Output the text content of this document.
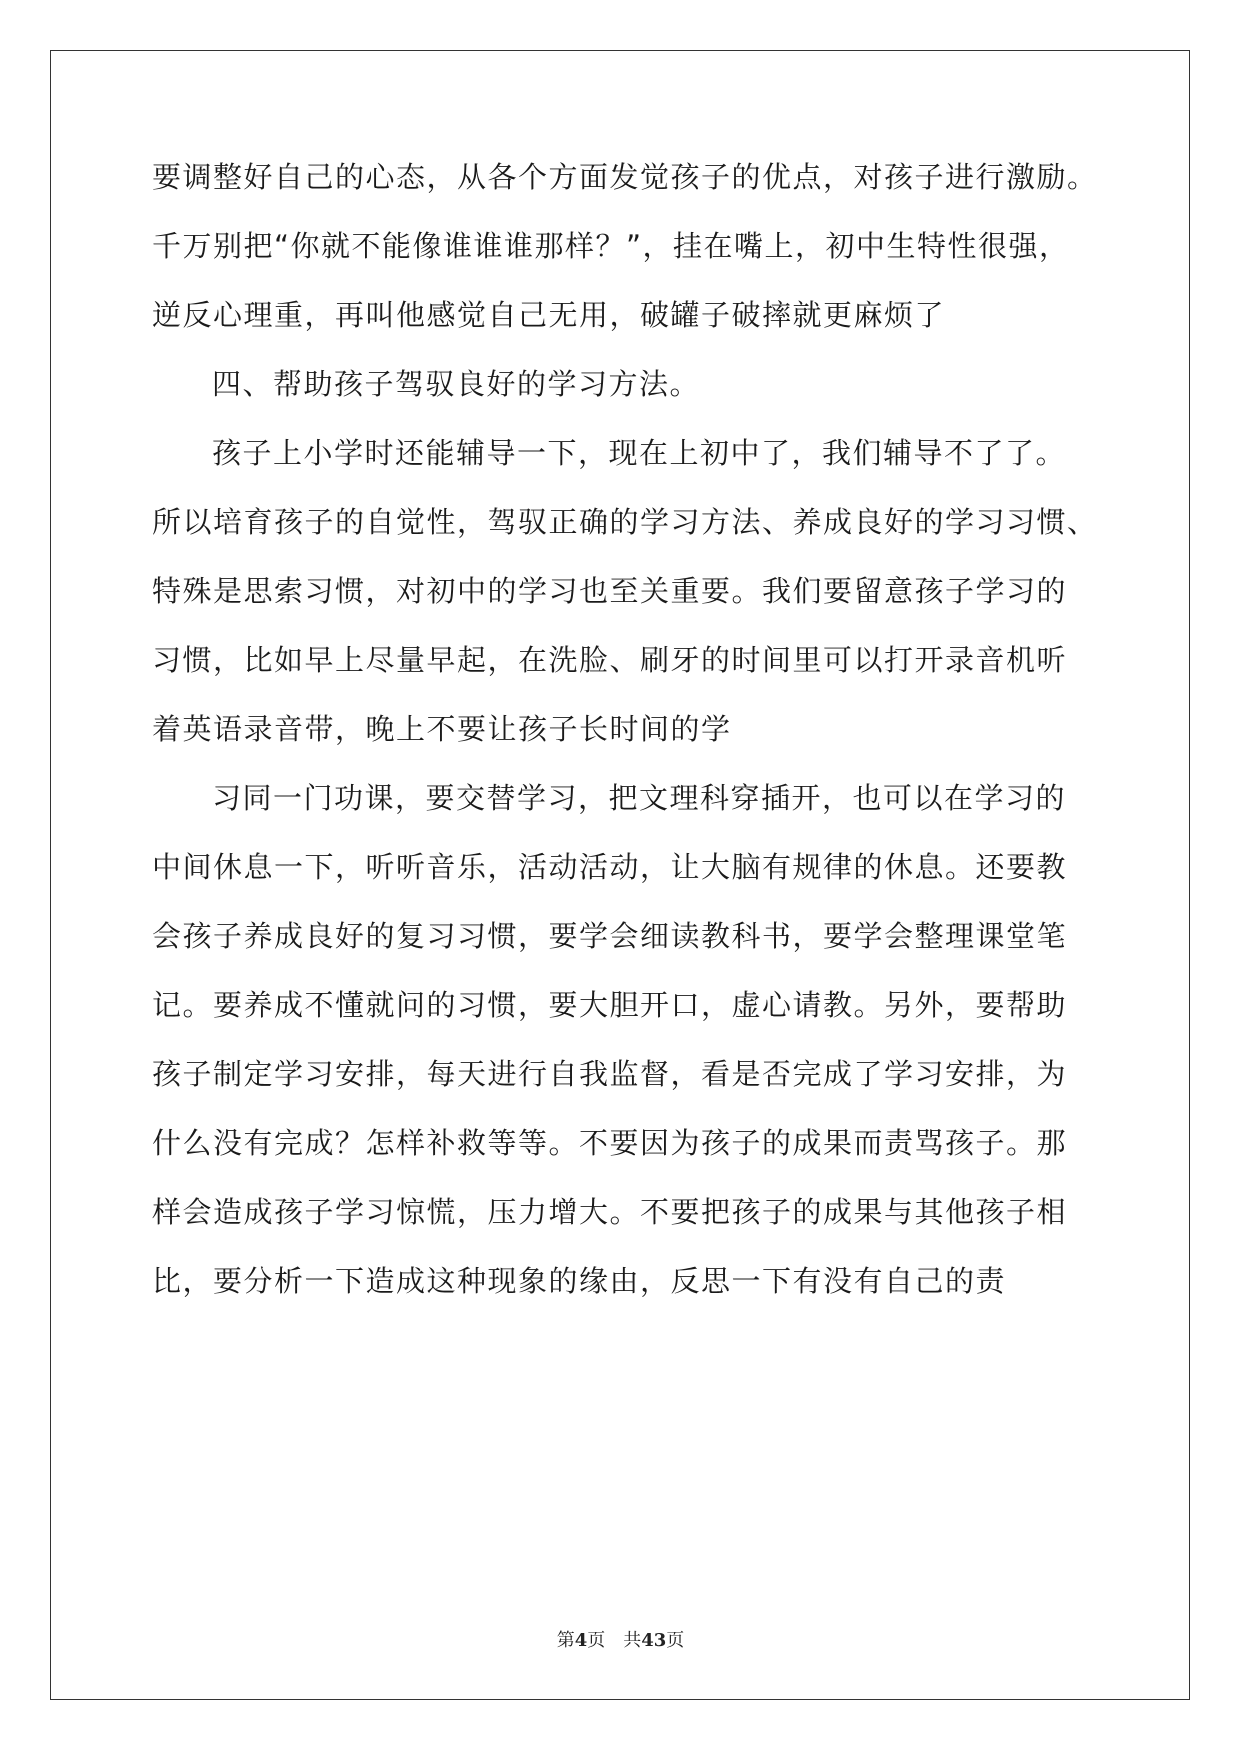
要调整好自己的心态，从各个方面发觉孩子的优点，对孩子进行激励。
千万别把“你就不能像谁谁谁那样？”，挂在嘴上，初中生特性很强，
逆反心理重，再叫他感觉自己无用，破罐子破摔就更麻烦了
四、帮助孩子驾驭良好的学习方法。
孩子上小学时还能辅导一下，现在上初中了，我们辅导不了了。
所以培育孩子的自觉性，驾驭正确的学习方法、养成良好的学习习惯、
特殊是思索习惯，对初中的学习也至关重要。我们要留意孩子学习的
习惯，比如早上尽量早起，在洗脸、刷牙的时间里可以打开录音机听
着英语录音带，晚上不要让孩子长时间的学
习同一门功课，要交替学习，把文理科穿插开，也可以在学习的
中间休息一下，听听音乐，活动活动，让大脑有规律的休息。还要教
会孩子养成良好的复习习惯，要学会细读教科书，要学会整理课堂笔
记。要养成不懂就问的习惯，要大胆开口，虚心请教。另外，要帮助
孩子制定学习安排，每天进行自我监督，看是否完成了学习安排，为
什么没有完成？怎样补救等等。不要因为孩子的成果而责骂孩子。那
样会造成孩子学习惊慌，压力增大。不要把孩子的成果与其他孩子相
比，要分析一下造成这种现象的缘由，反思一下有没有自己的责
第4页 共43页
